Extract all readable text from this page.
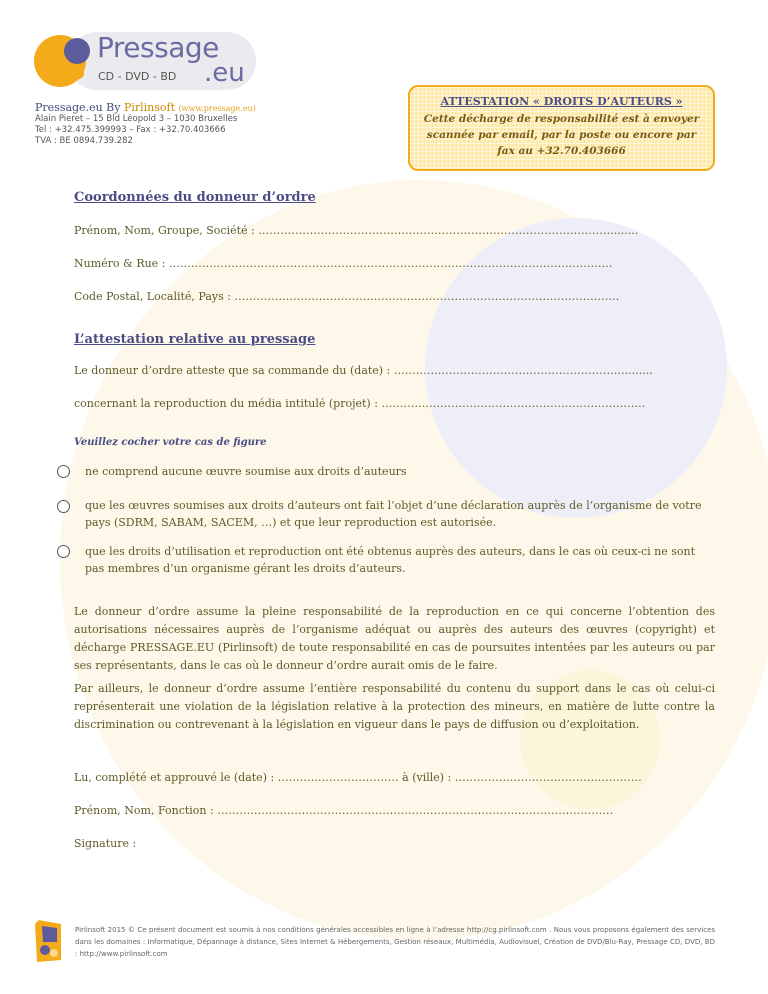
Pressage
CD - DVD - BD .eu
Pressage.eu By Pirlinsoft (www.pressage.eu)
Alain Pieret – 15 Bld Léopold 3 – 1030 Bruxelles
Tel : +32.475.399993 – Fax : +32.70.403666
TVA : BE 0894.739.282
ATTESTATION « DROITS D’AUTEURS »
Cette décharge de responsabilité est à envoyer scannée par email, par la poste ou encore par fax au +32.70.403666
Coordonnées du donneur d’ordre
Prénom, Nom, Groupe, Société : ……………………………………………………………………………………........
Numéro & Rue : ………………………………………………………………………………………………………….
Code Postal, Localité, Pays : ……………………………………………………………………………………………
L’attestation relative au pressage
Le donneur d’ordre atteste que sa commande du (date) : ………………………………………………………........
concernant la reproduction du média intitulé (projet) : ………………………………………………………………
Veuillez cocher votre cas de figure
ne comprend aucune œuvre soumise aux droits d’auteurs
que les œuvres soumises aux droits d’auteurs ont fait l’objet d’une déclaration auprès de l’organisme de votre pays (SDRM, SABAM, SACEM, …) et que leur reproduction est autorisée.
que les droits d’utilisation et reproduction ont été obtenus auprès des auteurs, dans le cas où ceux-ci ne sont pas membres d’un organisme gérant les droits d’auteurs.
Le donneur d’ordre assume la pleine responsabilité de la reproduction en ce qui concerne l’obtention des autorisations nécessaires auprès de l’organisme adéquat ou auprès des auteurs des œuvres (copyright) et décharge PRESSAGE.EU (Pirlinsoft) de toute responsabilité en cas de poursuites intentées par les auteurs ou par ses représentants, dans le cas où le donneur d’ordre aurait omis de le faire.
Par ailleurs, le donneur d’ordre assume l’entière responsabilité du contenu du support dans le cas où celui-ci représenterait une violation de la législation relative à la protection des mineurs, en matière de lutte contre la discrimination ou contrevenant à la législation en vigueur dans le pays de diffusion ou d’exploitation.
Lu, complété et approuvé le (date) : …………………………… à (ville) : ……………………………………………
Prénom, Nom, Fonction : ………………………………………………………………………………………………
Signature :
Pirlinsoft 2015 © Ce présent document est soumis à nos conditions générales accessibles en ligne à l’adresse http://cg.pirlinsoft.com . Nous vous proposons également des services dans les domaines : Informatique, Dépannage à distance, Sites Internet & Hébergements, Gestion réseaux, Multimédia, Audiovisuel, Création de DVD/Blu-Ray, Pressage CD, DVD, BD : http://www.pirlinsoft.com
